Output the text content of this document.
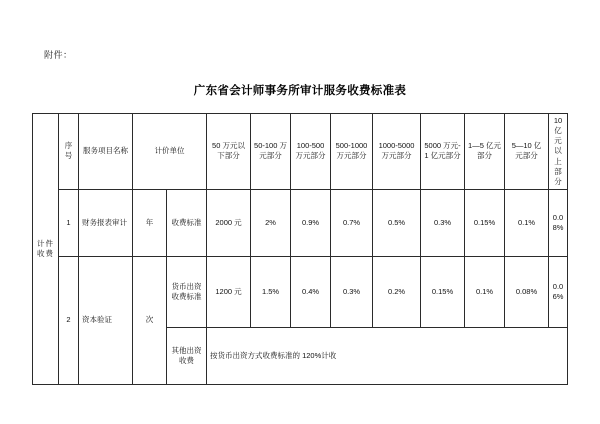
附件：
广东省会计师事务所审计服务收费标准表
计件收费	序号	服务项目名称	计价单位		50 万元以下部分	50-100 万元部分	100-500 万元部分	500-1000 万元部分	1000-5000 万元部分	5000 万元-1 亿元部分	1—5 亿元部分	5—10 亿元部分	10 亿元以上部分
	1	财务报表审计	年	收费标准	2000 元	2%	0.9%	0.7%	0.5%	0.3%	0.15%	0.1%	0.08%
	2	资本验证	次	货币出资收费标准	1200 元	1.5%	0.4%	0.3%	0.2%	0.15%	0.1%	0.08%	0.06%
				其他出资收费	按货币出资方式收费标准的 120%计收								
